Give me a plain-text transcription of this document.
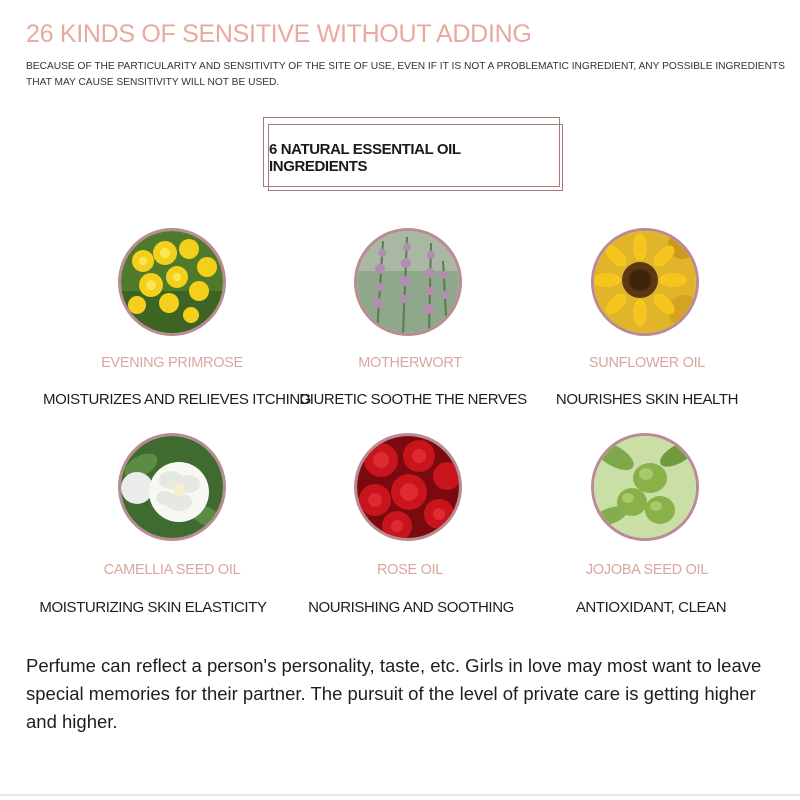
26 KINDS OF SENSITIVE WITHOUT ADDING
BECAUSE OF THE PARTICULARITY AND SENSITIVITY OF THE SITE OF USE, EVEN IF IT IS NOT A PROBLEMATIC INGREDIENT, ANY POSSIBLE INGREDIENTS THAT MAY CAUSE SENSITIVITY WILL NOT BE USED.
6 NATURAL ESSENTIAL OIL INGREDIENTS
EVENING PRIMROSE
MOISTURIZES AND RELIEVES ITCHING
MOTHERWORT
DIURETIC SOOTHE THE NERVES
SUNFLOWER OIL
NOURISHES SKIN HEALTH
CAMELLIA SEED OIL
MOISTURIZING SKIN ELASTICITY
ROSE OIL
NOURISHING AND SOOTHING
JOJOBA SEED OIL
ANTIOXIDANT, CLEAN
Perfume can reflect a person's personality, taste, etc. Girls in love may most want to leave special memories for their partner. The pursuit of the level of private care is getting higher and higher.
